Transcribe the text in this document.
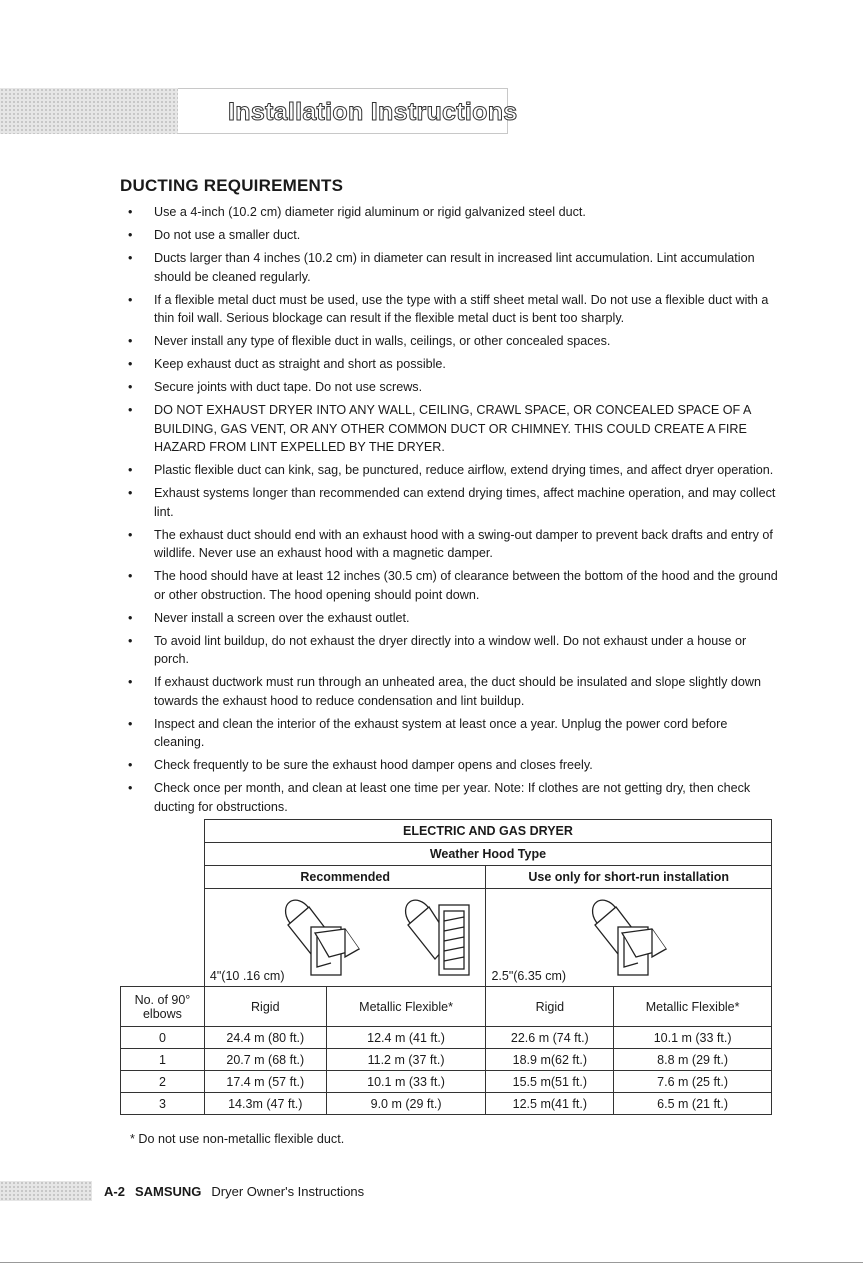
Installation Instructions
DUCTING REQUIREMENTS
• Use a 4-inch (10.2 cm) diameter rigid aluminum or rigid galvanized steel duct.
• Do not use a smaller duct.
• Ducts larger than 4 inches (10.2 cm) in diameter can result in increased lint accumulation. Lint accumulation should be cleaned regularly.
• If a flexible metal duct must be used, use the type with a stiff sheet metal wall. Do not use a flexible duct with a thin foil wall. Serious blockage can result if the flexible metal duct is bent too sharply.
• Never install any type of flexible duct in walls, ceilings, or other concealed spaces.
• Keep exhaust duct as straight and short as possible.
• Secure joints with duct tape. Do not use screws.
• DO NOT EXHAUST DRYER INTO ANY WALL, CEILING, CRAWL SPACE, OR CONCEALED SPACE OF A BUILDING, GAS VENT, OR ANY OTHER COMMON DUCT OR CHIMNEY. THIS COULD CREATE A FIRE HAZARD FROM LINT EXPELLED BY THE DRYER.
• Plastic flexible duct can kink, sag, be punctured, reduce airflow, extend drying times, and affect dryer operation.
• Exhaust systems longer than recommended can extend drying times, affect machine operation, and may collect lint.
• The exhaust duct should end with an exhaust hood with a swing-out damper to prevent back drafts and entry of wildlife. Never use an exhaust hood with a magnetic damper.
• The hood should have at least 12 inches (30.5 cm) of clearance between the bottom of the hood and the ground or other obstruction. The hood opening should point down.
• Never install a screen over the exhaust outlet.
• To avoid lint buildup, do not exhaust the dryer directly into a window well. Do not exhaust under a house or porch.
• If exhaust ductwork must run through an unheated area, the duct should be insulated and slope slightly down towards the exhaust hood to reduce condensation and lint buildup.
• Inspect and clean the interior of the exhaust system at least once a year. Unplug the power cord before cleaning.
• Check frequently to be sure the exhaust hood damper opens and closes freely.
• Check once per month, and clean at least one time per year. Note: If clothes are not getting dry, then check ducting for obstructions.
	ELECTRIC AND GAS DRYER			
	Weather Hood Type			
	Recommended		Use only for short-run installation	

	4"(10 .16 cm)		2.5"(6.35 cm)	

No. of 90° elbows	Rigid	Metallic Flexible*	Rigid	Metallic Flexible*
0	24.4 m (80 ft.)	12.4 m (41 ft.)	22.6 m (74 ft.)	10.1 m (33 ft.)
1	20.7 m (68 ft.)	11.2 m (37 ft.)	18.9 m(62 ft.)	8.8 m (29 ft.)
2	17.4 m (57 ft.)	10.1 m (33 ft.)	15.5 m(51 ft.)	7.6 m (25 ft.)
3	14.3m (47 ft.)	9.0 m (29 ft.)	12.5 m(41 ft.)	6.5 m (21 ft.)
* Do not use non-metallic flexible duct.
A-2 SAMSUNG Dryer Owner's Instructions
